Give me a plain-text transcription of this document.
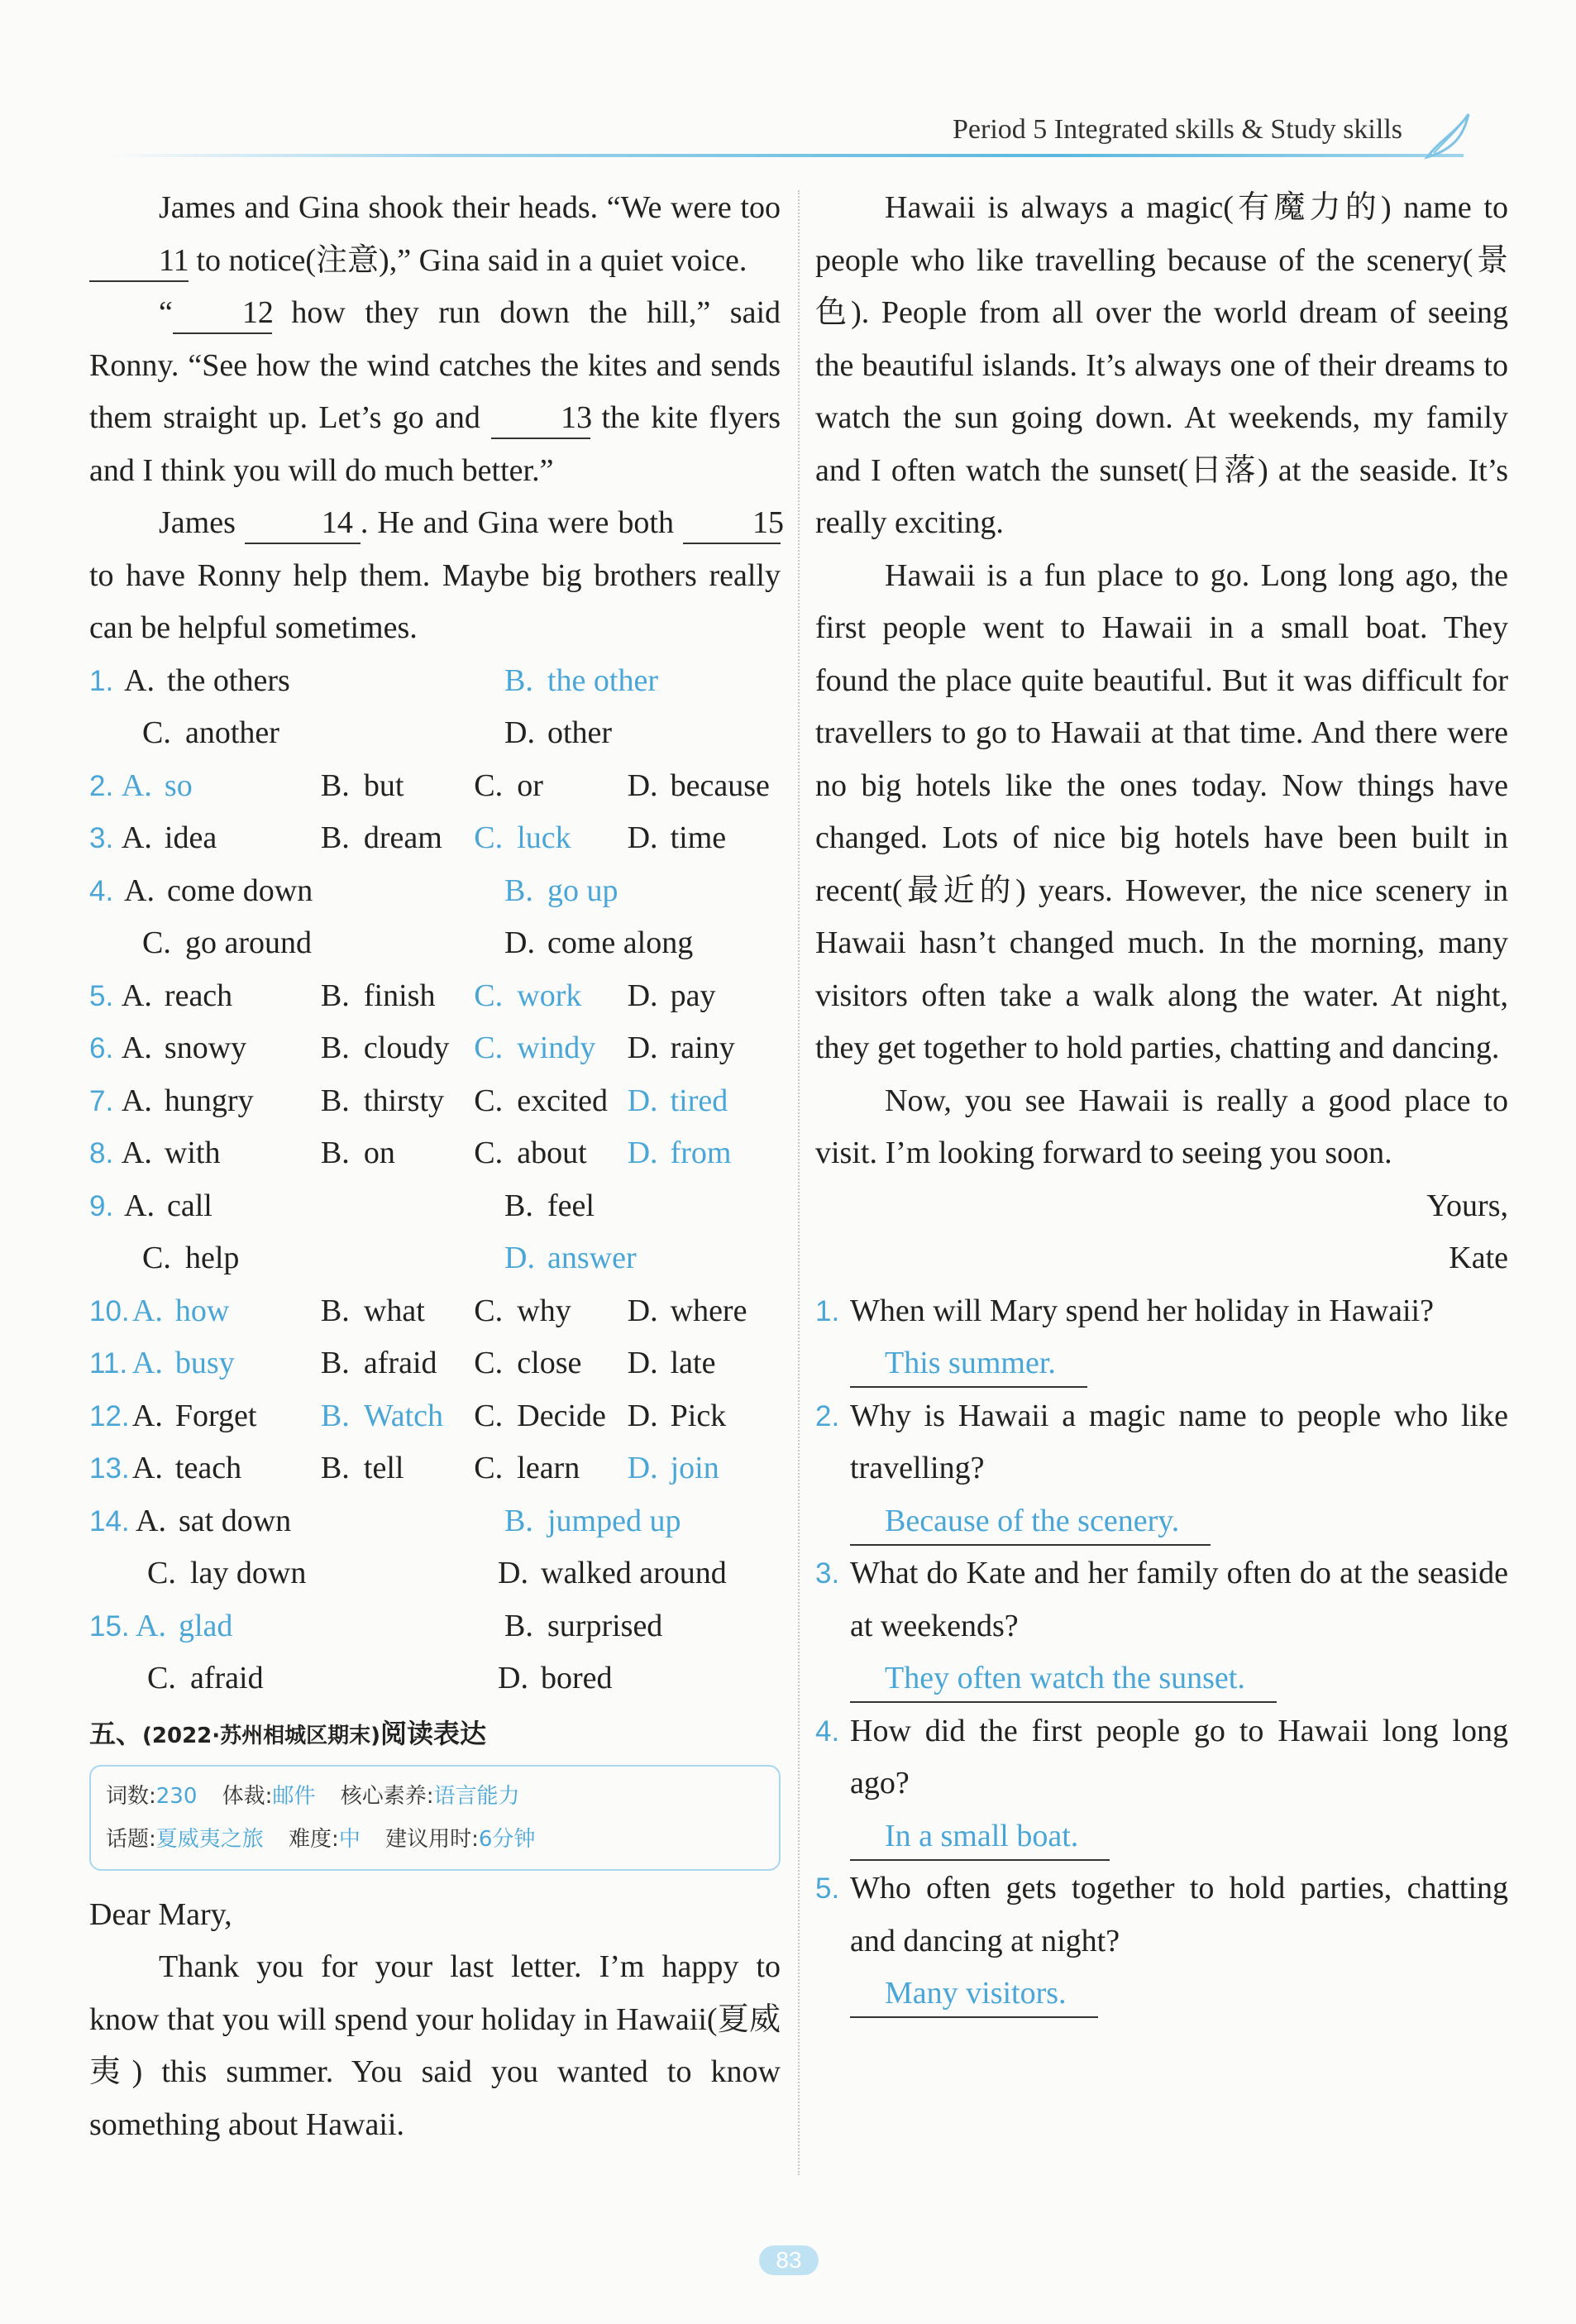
Period 5 Integrated skills & Study skills

James and Gina shook their heads. “We were too 11 to notice(注意),” Gina said in a quiet voice.

“ 12 how they run down the hill,” said Ronny. “See how the wind catches the kites and sends them straight up. Let’s go and	13 the kite flyers and I think you will do much better.”

James	14 . He and Gina were both	15 to have Ronny help them. Maybe big brothers really can be helpful sometimes.

1. A. the others	B. the other
C. another	D. other
2. A. so	B. but C. or	D. because
3. A. idea	B. dream C. luck D. time
4. A. come down	B. go up
C. go around	D. come along
5. A. reach	B. finish C. work D. pay
6. A. snowy B. cloudy C. windy D. rainy
7. A. hungry B. thirsty C. excited D. tired
8. A. with	B. on	C. about D. from
9. A. call	B. feel
C. help	D. answer
10. A. how	B. what C. why D. where
11. A. busy	B. afraid C. close D. late
12. A. Forget B. Watch C. Decide D. Pick
13. A. teach	B. tell C. learn D. join
14. A. sat down	B. jumped up
C. lay down	D. walked around
15. A. glad	B. surprised
C. afraid	D. bored
五、(2022·苏州相城区期末)阅读表达
词数:230 体裁:邮件 核心素养:语言能力
话题:夏威夷之旅 难度:中 建议用时:6分钟

Dear Mary,

Thank you for your last letter. I’m happy to know that you will spend your holiday in Hawaii(夏威夷) this summer. You said you wanted to know something about Hawaii.

Hawaii is always a magic(有魔力的) name to people who like travelling because of the scenery(景色). People from all over the world dream of seeing the beautiful islands. It’s always one of their dreams to watch the sun going down. At weekends, my family and I often watch the sunset(日落) at the seaside. It’s really exciting.

Hawaii is a fun place to go. Long long ago, the first people went to Hawaii in a small boat. They found the place quite beautiful. But it was difficult for travellers to go to Hawaii at that time. And there were no big hotels like the ones today. Now things have changed. Lots of nice big hotels have been built in recent(最近的) years. However, the nice scenery in Hawaii hasn’t changed much. In the morning, many visitors often take a walk along the water. At night, they get together to hold parties, chatting and dancing.

Now, you see Hawaii is really a good place to visit. I’m looking forward to seeing you soon.

Yours,

Kate

1. When will Mary spend her holiday in Hawaii?
This summer.
2. Why is Hawaii a magic name to people who like travelling?
Because of the scenery.
3. What do Kate and her family often do at the seaside at weekends?
They often watch the sunset.
4. How did the first people go to Hawaii long long ago?
In a small boat.
5. Who often gets together to hold parties, chatting and dancing at night?
Many visitors.
83
